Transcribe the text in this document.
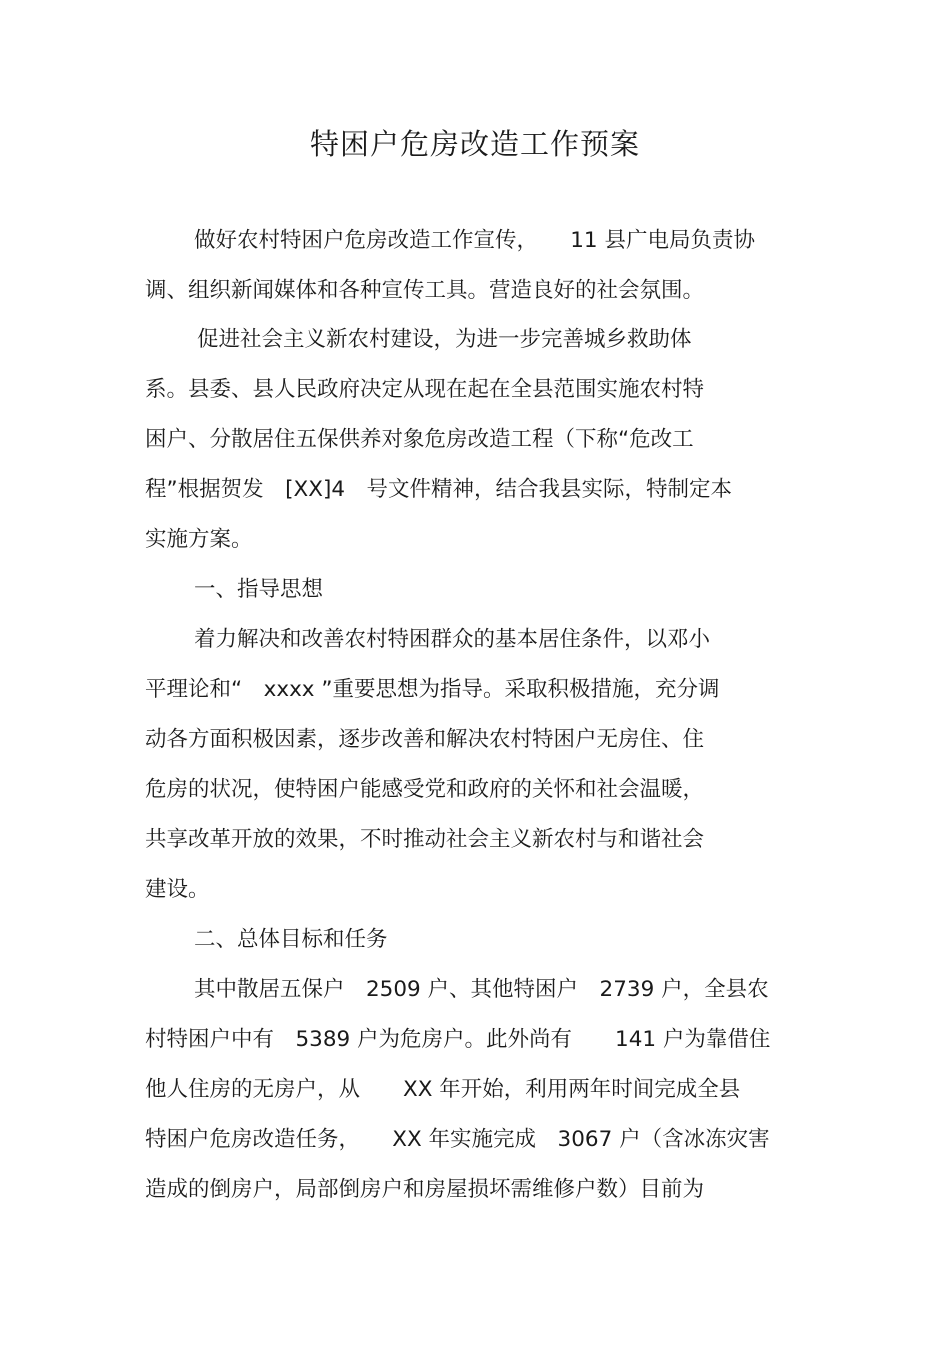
特困户危房改造工作预案
做好农村特困户危房改造工作宣传，　　11 县广电局负责协
调、组织新闻媒体和各种宣传工具。营造良好的社会氛围。
促进社会主义新农村建设，为进一步完善城乡救助体
系。县委、县人民政府决定从现在起在全县范围实施农村特
困户、分散居住五保供养对象危房改造工程（下称“危改工
程”根据贺发　[XX]4　号文件精神，结合我县实际，特制定本
实施方案。
一、指导思想
着力解决和改善农村特困群众的基本居住条件，以邓小
平理论和“　xxxx ”重要思想为指导。采取积极措施，充分调
动各方面积极因素，逐步改善和解决农村特困户无房住、住
危房的状况，使特困户能感受党和政府的关怀和社会温暖，
共享改革开放的效果，不时推动社会主义新农村与和谐社会
建设。
二、总体目标和任务
其中散居五保户　2509 户、其他特困户　2739 户，全县农
村特困户中有　5389 户为危房户。此外尚有　　141 户为靠借住
他人住房的无房户，从　　XX 年开始，利用两年时间完成全县
特困户危房改造任务，　　XX 年实施完成　3067 户（含冰冻灾害
造成的倒房户，局部倒房户和房屋损坏需维修户数）目前为
